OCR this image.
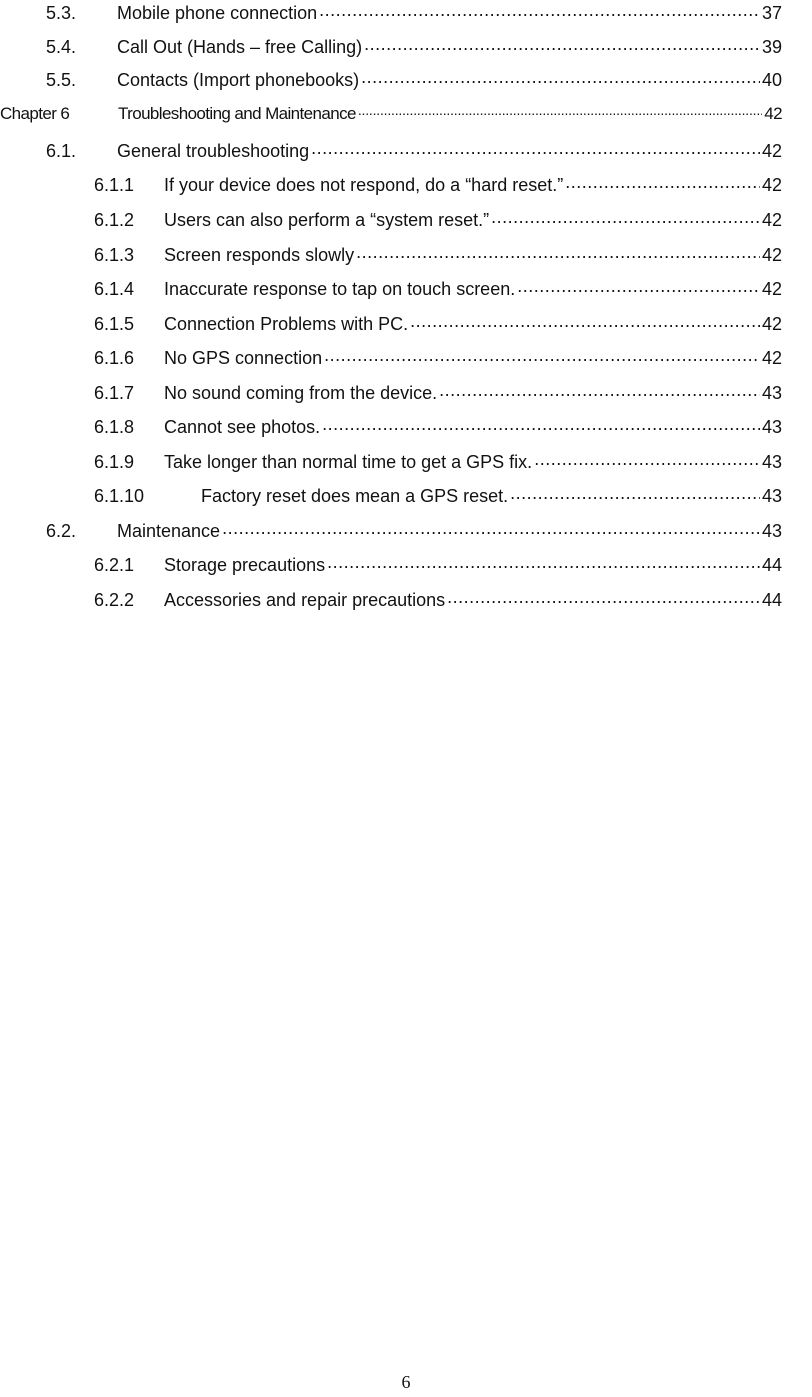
5.3.	Mobile phone connection .....	37
5.4.	Call Out (Hands – free Calling) .....	39
5.5.	Contacts (Import phonebooks) .....	40
Chapter 6	Troubleshooting and Maintenance .....	42
6.1.	General troubleshooting .....	42
6.1.1	If your device does not respond, do a “hard reset.” .....	42
6.1.2	Users can also perform a “system reset.” .....	42
6.1.3	Screen responds slowly .....	42
6.1.4	Inaccurate response to tap on touch screen. .....	42
6.1.5	Connection Problems with PC. .....	42
6.1.6	No GPS connection .....	42
6.1.7	No sound coming from the device. .....	43
6.1.8	Cannot see photos. .....	43
6.1.9	Take longer than normal time to get a GPS fix. .....	43
6.1.10	Factory reset does mean a GPS reset. .....	43
6.2.	Maintenance .....	43
6.2.1	Storage precautions .....	44
6.2.2	Accessories and repair precautions .....	44
6
